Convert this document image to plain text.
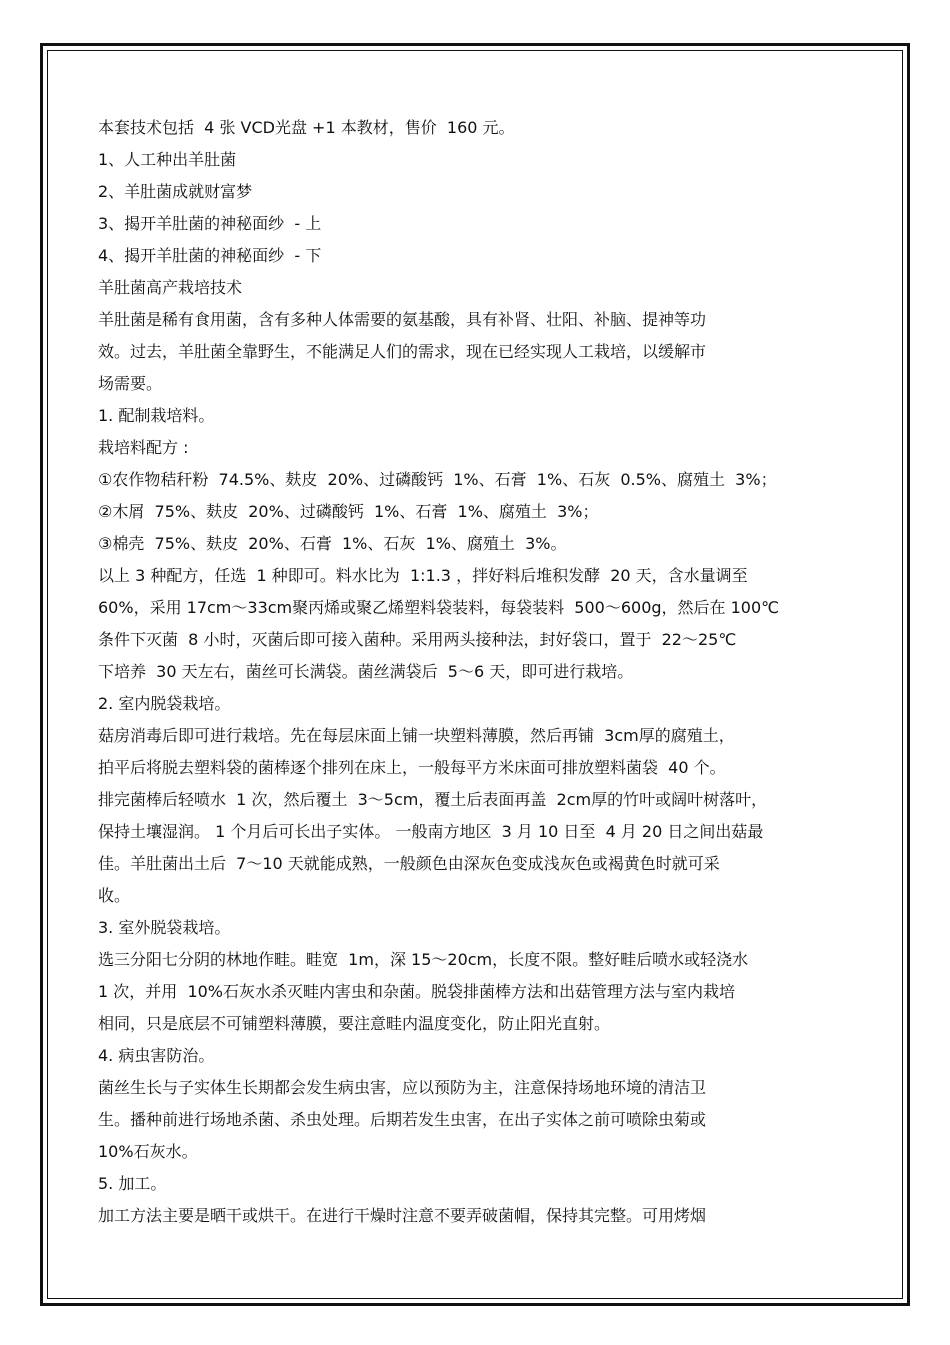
本套技术包括  4 张 VCD光盘 +1 本教材，售价  160 元。
1、人工种出羊肚菌
2、羊肚菌成就财富梦
3、揭开羊肚菌的神秘面纱  - 上
4、揭开羊肚菌的神秘面纱  - 下
羊肚菌高产栽培技术
羊肚菌是稀有食用菌，含有多种人体需要的氨基酸，具有补肾、壮阳、补脑、提神等功
效。过去，羊肚菌全靠野生，不能满足人们的需求，现在已经实现人工栽培，以缓解市
场需要。
1. 配制栽培料。
栽培料配方 :
①农作物秸秆粉  74.5%、麸皮  20%、过磷酸钙  1%、石膏  1%、石灰  0.5%、腐殖土  3%；
②木屑  75%、麸皮  20%、过磷酸钙  1%、石膏  1%、腐殖土  3%；
③棉壳  75%、麸皮  20%、石膏  1%、石灰  1%、腐殖土  3%。
以上 3 种配方，任选  1 种即可。料水比为  1:1.3 ，拌好料后堆积发酵  20 天，含水量调至
60%，采用 17cm～33cm聚丙烯或聚乙烯塑料袋装料，每袋装料  500～600g，然后在 100℃
条件下灭菌  8 小时，灭菌后即可接入菌种。采用两头接种法，封好袋口，置于  22～25℃
下培养  30 天左右，菌丝可长满袋。菌丝满袋后  5～6 天，即可进行栽培。
2. 室内脱袋栽培。
菇房消毒后即可进行栽培。先在每层床面上铺一块塑料薄膜，然后再铺  3cm厚的腐殖土，
拍平后将脱去塑料袋的菌棒逐个排列在床上，一般每平方米床面可排放塑料菌袋  40 个。
排完菌棒后轻喷水  1 次，然后覆土  3～5cm，覆土后表面再盖  2cm厚的竹叶或阔叶树落叶，
保持土壤湿润。 1 个月后可长出子实体。 一般南方地区  3 月 10 日至  4 月 20 日之间出菇最
佳。羊肚菌出土后  7～10 天就能成熟，一般颜色由深灰色变成浅灰色或褐黄色时就可采
收。
3. 室外脱袋栽培。
选三分阳七分阴的林地作畦。畦宽  1m，深 15～20cm，长度不限。整好畦后喷水或轻浇水
1 次，并用  10%石灰水杀灭畦内害虫和杂菌。脱袋排菌棒方法和出菇管理方法与室内栽培
相同，只是底层不可铺塑料薄膜，要注意畦内温度变化，防止阳光直射。
4. 病虫害防治。
菌丝生长与子实体生长期都会发生病虫害，应以预防为主，注意保持场地环境的清洁卫
生。播种前进行场地杀菌、杀虫处理。后期若发生虫害，在出子实体之前可喷除虫菊或
10%石灰水。
5. 加工。
加工方法主要是晒干或烘干。在进行干燥时注意不要弄破菌帽，保持其完整。可用烤烟
